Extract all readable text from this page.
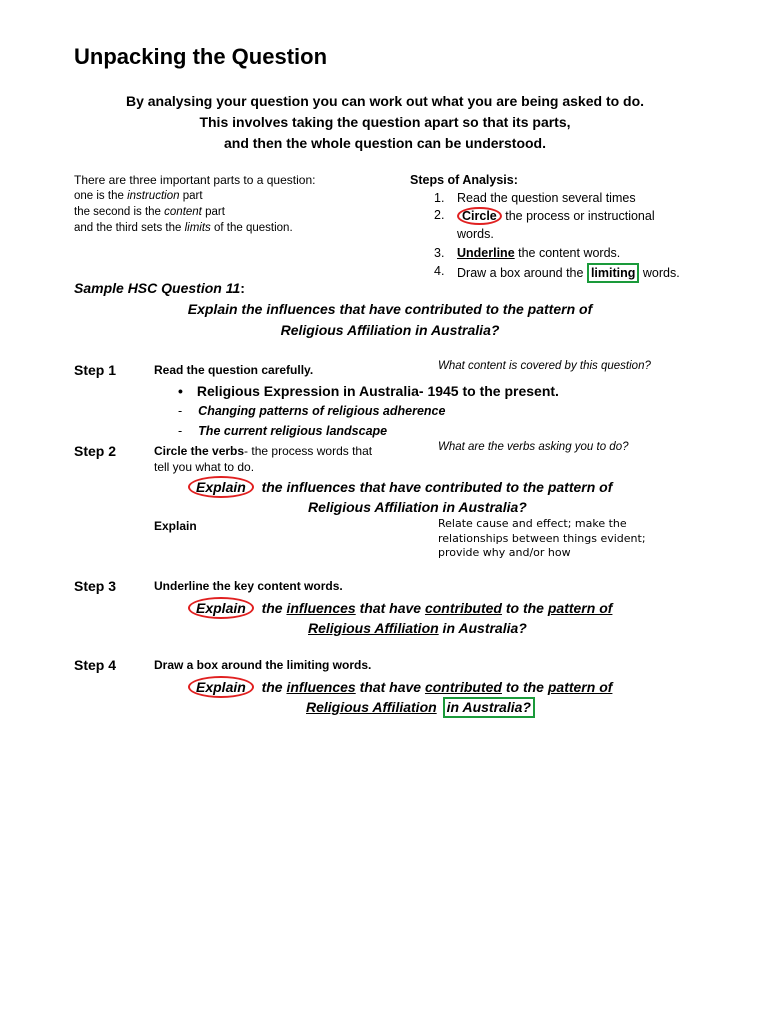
Unpacking the Question
By analysing your question you can work out what you are being asked to do.
This involves taking the question apart so that its parts,
and then the whole question can be understood.
There are three important parts to a question:
one is the instruction part
the second is the content part
and the third sets the limits of the question.
Steps of Analysis:
1. Read the question several times
2. Circle the process or instructional
words.
3. Underline the content words.
4. Draw a box around the limiting words.
Sample HSC Question 11:
Explain the influences that have contributed to the pattern of
Religious Affiliation in Australia?
Step 1	Read the question carefully.	What content is covered by this question?
• Religious Expression in Australia- 1945 to the present.
- Changing patterns of religious adherence
- The current religious landscape
Step 2	Circle the verbs- the process words that
tell you what to do.
What are the verbs asking you to do?
Explain  the influences that have contributed to the pattern of
Religious Affiliation in Australia?
Explain	Relate cause and effect; make the
relationships between things evident;
provide why and/or how
Step 3	Underline the key content words.
Explain  the influences that have contributed to the pattern of
Religious Affiliation in Australia?
Step 4	Draw a box around the limiting words.
Explain  the influences that have contributed to the pattern of
Religious Affiliation in Australia?
